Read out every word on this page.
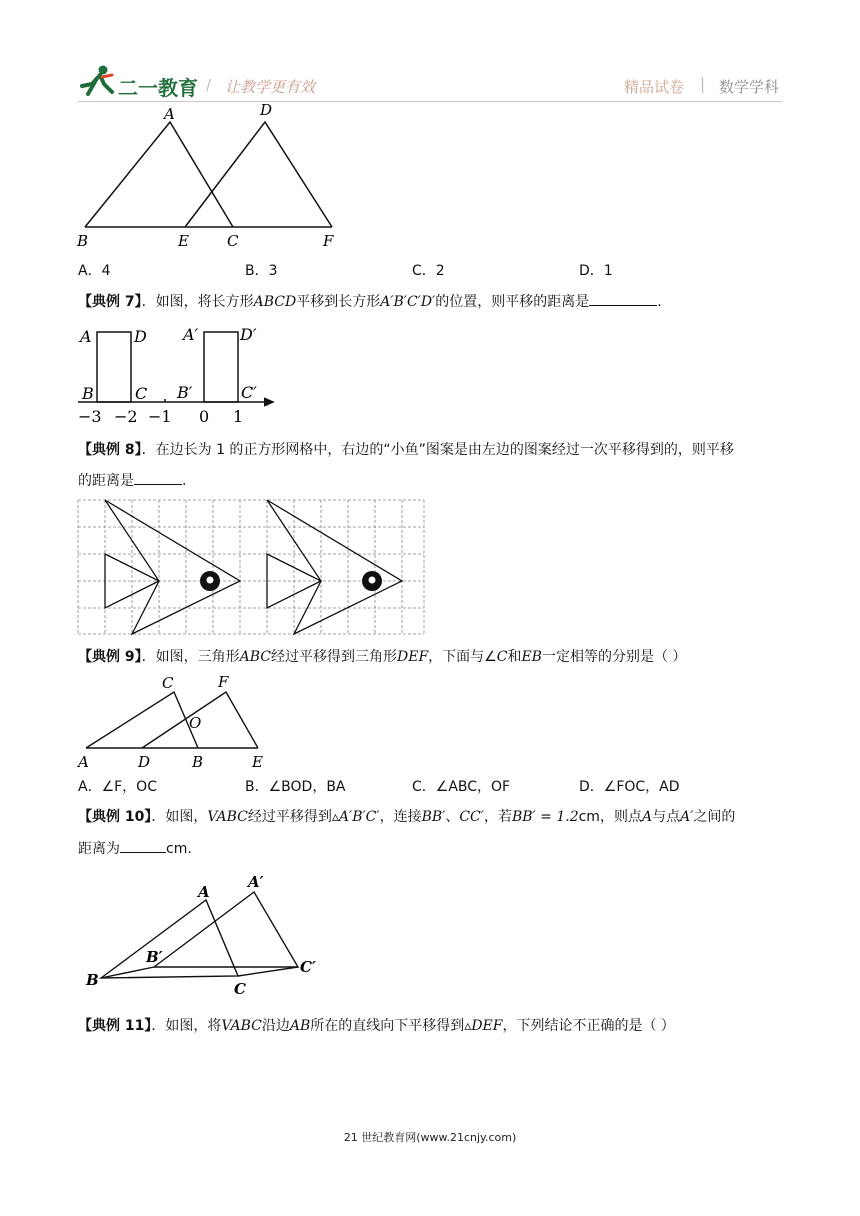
二一教育 / 让教学更有效	精品试卷 | 数学学科
A	D
B	E	C	F
A．4	B．3	C．2	D．1
【典例 7】．如图，将长方形ABCD平移到长方形A′B′C′D′的位置，则平移的距离是	.
A	D
B	C
A′	D′
B′	C′
−3 −2 −1 0 1
【典例 8】．在边长为 1 的正方形网格中，右边的“小鱼”图案是由左边的图案经过一次平移得到的，则平移
的距离是	.
【典例 9】．如图，三角形ABC经过平移得到三角形DEF，下面与∠C和EB一定相等的分别是（ ）
C	F
O
A	D	B	E
A．∠F，OC	B．∠BOD，BA	C．∠ABC，OF	D．∠FOC，AD
【典例 10】．如图，VABC经过平移得到▵A′B′C′，连接BB′、CC′，若BB′ = 1.2cm，则点A与点A′之间的
距离为	cm.
A
A′
B′
C′
B	C
【典例 11】．如图，将VABC沿边AB所在的直线向下平移得到▵DEF，下列结论不正确的是（ ）
21 世纪教育网(www.21cnjy.com)
